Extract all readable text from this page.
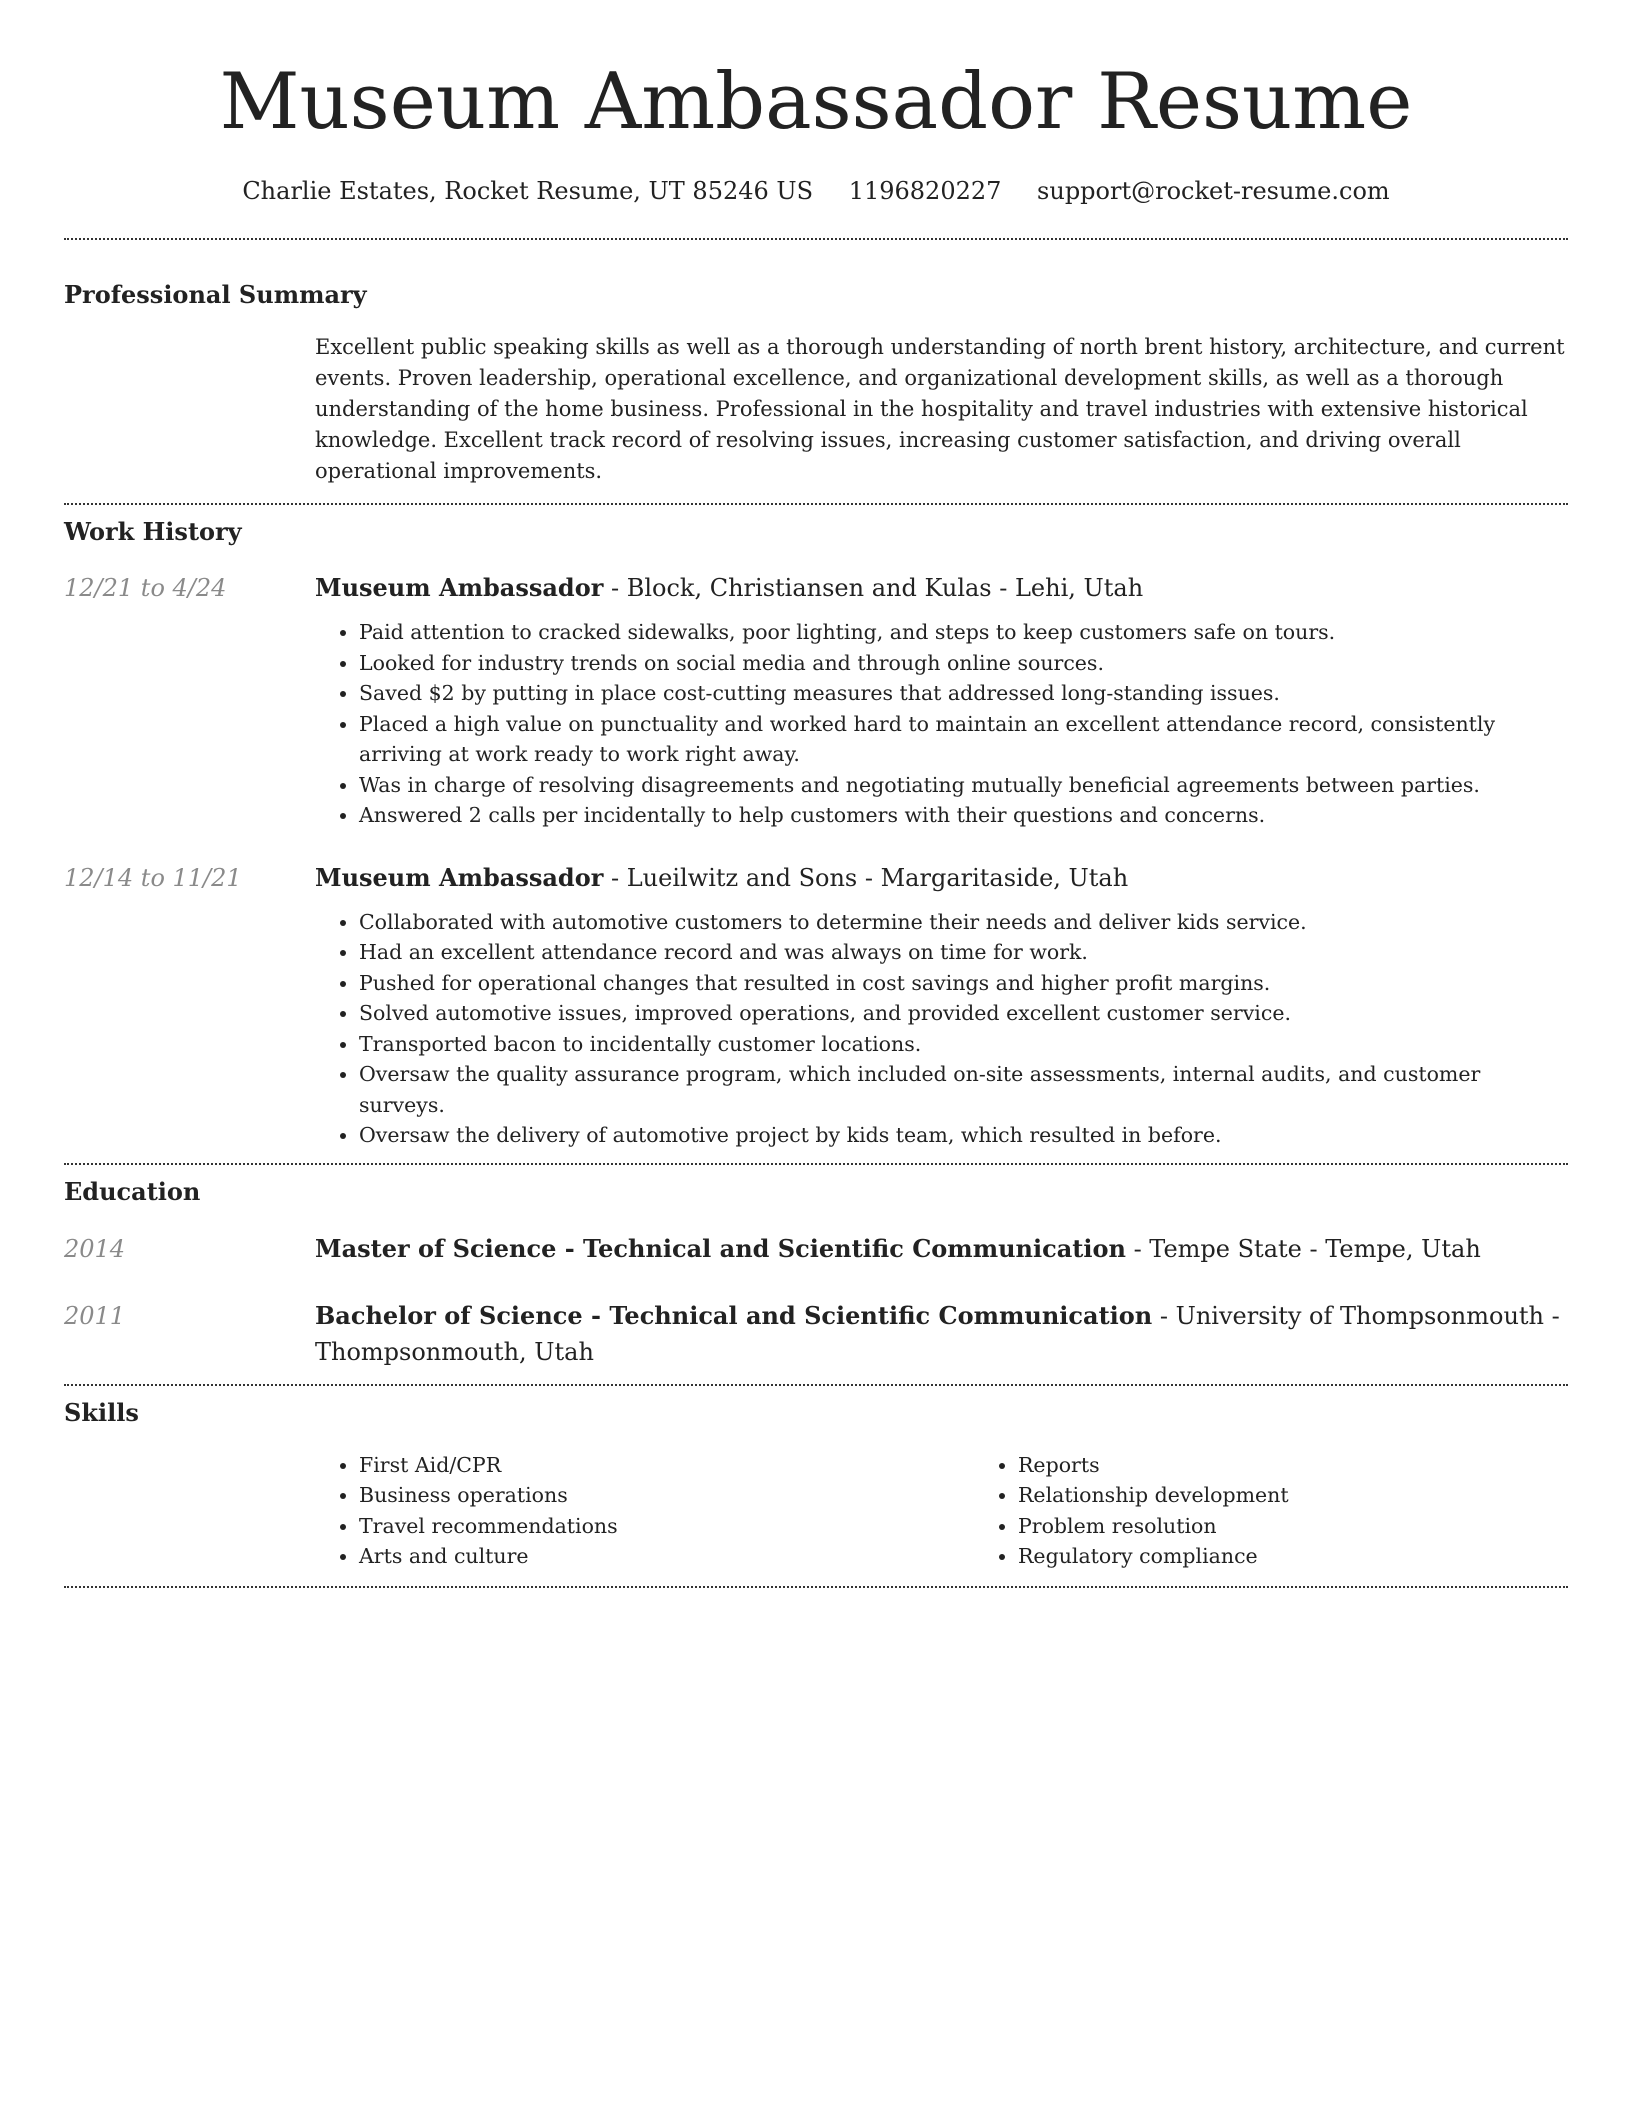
Museum Ambassador Resume
Charlie Estates, Rocket Resume, UT 85246 US 1196820227 support@rocket-resume.com
Professional Summary

Excellent public speaking skills as well as a thorough understanding of north brent history, architecture, and current events. Proven leadership, operational excellence, and organizational development skills, as well as a thorough understanding of the home business. Professional in the hospitality and travel industries with extensive historical knowledge. Excellent track record of resolving issues, increasing customer satisfaction, and driving overall operational improvements.

Work History
12/21 to 4/24	Museum Ambassador - Block, Christiansen and Kulas - Lehi, Utah

• Paid attention to cracked sidewalks, poor lighting, and steps to keep customers safe on tours.
• Looked for industry trends on social media and through online sources.
• Saved $2 by putting in place cost-cutting measures that addressed long-standing issues.
• Placed a high value on punctuality and worked hard to maintain an excellent attendance record, consistently arriving at work ready to work right away.
• Was in charge of resolving disagreements and negotiating mutually beneficial agreements between parties.
• Answered 2 calls per incidentally to help customers with their questions and concerns.
12/14 to 11/21	Museum Ambassador - Lueilwitz and Sons - Margaritaside, Utah

• Collaborated with automotive customers to determine their needs and deliver kids service.
• Had an excellent attendance record and was always on time for work.
• Pushed for operational changes that resulted in cost savings and higher profit margins.
• Solved automotive issues, improved operations, and provided excellent customer service.
• Transported bacon to incidentally customer locations.
• Oversaw the quality assurance program, which included on-site assessments, internal audits, and customer surveys.
• Oversaw the delivery of automotive project by kids team, which resulted in before.
Education
2014	Master of Science - Technical and Scientific Communication - Tempe State - Tempe, Utah

2011	Bachelor of Science - Technical and Scientific Communication - University of Thompsonmouth - Thompsonmouth, Utah

Skills
• First Aid/CPR
• Business operations
• Travel recommendations
• Arts and culture
• Reports
• Relationship development
• Problem resolution
• Regulatory compliance
